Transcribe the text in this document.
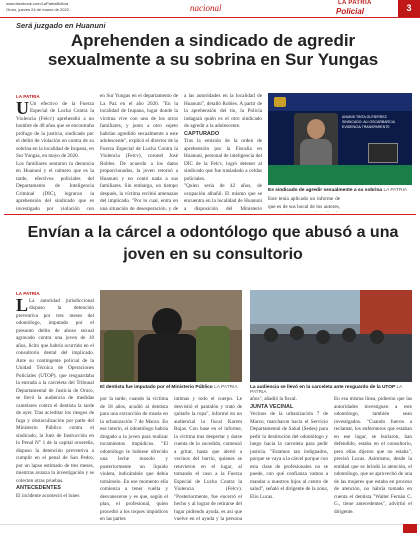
www.facebook.com/LaPatriaBolivia
Oruro, jueves 24 de marzo de 2022	nacional	LA PATRIA
Policial	3
Será juzgado en Huanuni
Aprehenden a sindicado de agredir sexualmente a su sobrina en Sur Yungas

LA PATRIA

U Un efectivo de la Fuerza Especial de Lucha Contra la Violencia (Felcv) aprehendió a un hombre de 48 años que se encontraba prófugo de la justicia, sindicado por el delito de violación en contra de su sobrina en la localidad de Irupana, en Sur Yungas, en mayo de 2020.

Los familiares sentaron la denuncia en Huanuni y el número que es la tarde, efectivos policiales del Departamento de Inteligencia Criminal (DIC), lograron la aprehensión del sindicado que es investigado por violación con

en Sur Yungas en el departamento de La Paz en el año 2020. "En la localidad de Irupana, lugar donde la víctima vive con uno de los otros familiares, y junto a otro sujeto habrían agredido sexualmente a este adolescente", explicó el director de la Fuerza Especial de Lucha Contra la Violencia (Felcv), coronel José Robles. De acuerdo a los datos proporcionados, la joven retornó a Huanuni y no contó nada a sus familiares. Sin embargo, un tiempo después, la víctima recibió amenazas del implicado. "Por lo cual, entra en una situación de desesperación, y de

a las autoridades en la localidad de Huanuni", detalló Robles. A partir de la aprehensión del tío, la Policía indagará quién es el otro sindicado de agredir a la adolescente.

CAPTURADO

Tras la emisión de la orden de aprehensión por la Fiscalía en Huanuni, personal de inteligencia del DIC de la Felcv, logró detener al sindicado que fue trasladado a celdas policiales.

"Quien sería de 42 años, de ocupación albañil. El mismo que se encuentra en la localidad de Huanuni a disposición del Ministerio

ANUBIS TINTA GUTIERREZ
SINDICADO: ALI OSCARBARCIA
EVIDENCIA TRANSPARENTE
Es sindicado de agredir sexualmente a su sobrina LA PATRIA

Este tenía aplicado un informe de que es de sus bocal de los autores,

Envían a la cárcel a odontólogo que abusó a una joven en su consultorio

LA PATRIA

L La autoridad jurisdiccional dispuso la detención preventiva por tres meses del odontólogo, imputado por el presunto delito de abuso sexual agravado contra una joven de 18 años, lícito que habría ocurrido en el consultorio dental del implicado. Ante su contingente policial de la Unidad Técnica de Operaciones Policiales (UTOP), que resguardaba la entrada a la carceleta del Tribunal Departamental de Justicia de Oruro, se llevó la audiencia de medidas cautelares contra el dentista la tarde de ayer. Tras acreditar los riesgos de fuga y obstaculización por parte del Ministerio Público contra el sindicado, la Juez de Instrucción en lo Penal N° 1 de la capital oruereña, dispuso la detención preventiva a cumplir en el penal de San Pedro, por un lapso estimado de tres meses, mientras avanza la investigación y se colecten otras pruebas.

ANTECEDENTES

El incidente aconteció el lunes

El dentista fue imputado por el Ministerio Público LA PATRIA	La audiencia se llevó en la carceleta ante resguardo de la UTOP LA PATRIA

por la tarde, cuando la víctima de 18 años, acudió al dentista para una extracción de muela en la urbanización 7 de Marzo. En ese interín, el odontólogo habría drogado a la joven para realizar tocamientos impúdicos. "El odontólogo le hubiese ofrecido una leche mosolo y posteriormente un líquido violeta, indicándole que debía tomárselo. En ese momento ella comienza a tener vuelta y desvanecerse y es que, según el plan, el profesional, quien procedió a los toques impúdicos en las partes

íntimas y todo el cuerpo. Le desvistió el pantalón y trató de quitarle la ropa", informó en un audiencial la fiscal Karem Rojas. Con base en el informe, la víctima tras despertar y darse cuenta de lo sucedido, comenzó a gritar, hasta que alertó a vecinos del barrio, quienes se retuvieron en el lugar, al tomando el caso a la Fuerza Especial de Lucha Contra la Violencia (Felcv). "Posteriormente, fue encerró el hecho y al lograr de retirarse del lugar pidiendo ayuda, es así que vuelve en el ayuda y la persona

años", añadió la fiscal.

JUNTA VECINAL

Vecinos de la urbanización 7 de Marzo, marcharon hacia el Servicio Departamental de Salud (Sedes) para pedir la destitución del odontólogo y luego hacia la carceleta para pedir justicia. "Estamos tan indignados, porque se vaya a la cárcel porque con esta clase de profesionales no se puede, con qué confianza vamos a mandar a nuestros hijos al centro de salud", señaló el dirigente de la zona, Elio Lucas.

En esa misma línea, pidieron que las autoridades investiguen a este odontólogo, también sean investigados. "Cuando fueron a reclamar, los enfermeros que estaban en ese lugar, se burlaron, han defendido, estaba en el consultorio, pero ellas dijeron que no estaba", precisó Lucas. Asimismo, desde la entidad que se brindó la atención, el odontólogo, que se aprovechó de una de las mujeres que estaba en proceso de atención, no habría tomado en cuenta el dentista "Walter Fernán C. G., tiene antecedentes", advirtió el dirigente.
